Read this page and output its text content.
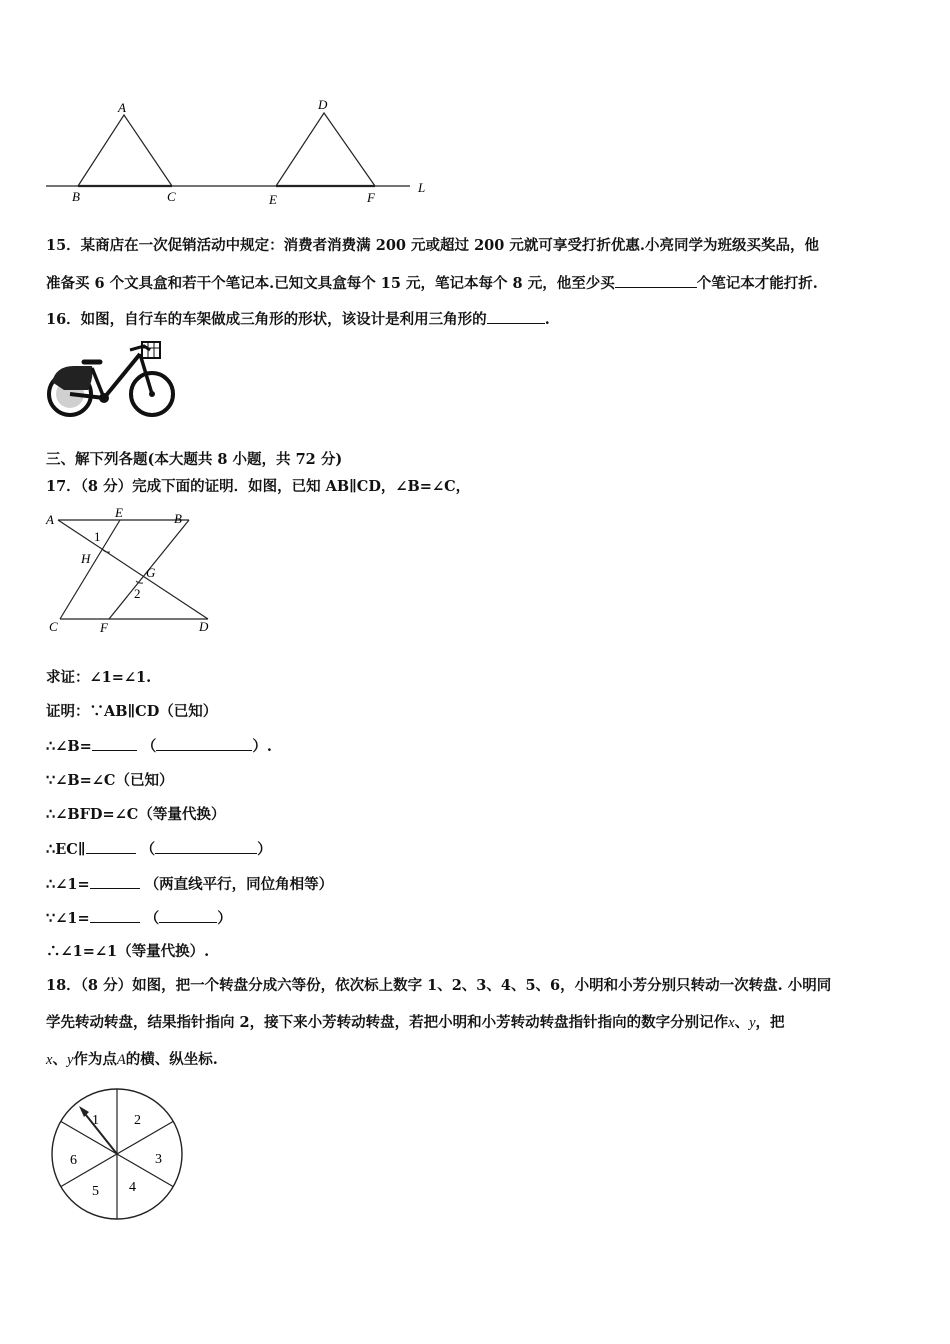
A
B	C
D
E	F
L
15．某商店在一次促销活动中规定：消费者消费满 200 元或超过 200 元就可享受打折优惠.小亮同学为班级买奖品，他
准备买 6 个文具盒和若干个笔记本.已知文具盒每个 15 元，笔记本每个 8 元，他至少买	个笔记本才能打折.
16．如图，自行车的车架做成三角形的形状，该设计是利用三角形的	.
三、解下列各题(本大题共 8 小题，共 72 分)
17．（8 分）完成下面的证明．如图，已知 AB∥CD，∠B=∠C，
A	E	B
1
H
G
2
C	F	D
求证：∠1=∠1.
证明：∵AB∥CD（已知）
∴∠B=	（	）.
∵∠B=∠C（已知）
∴∠BFD=∠C（等量代换）
∴EC∥	（	）
∴∠1=	（两直线平行，同位角相等）
∵∠1=	（	）
∴∠1=∠1（等量代换）.
18．（8 分）如图，把一个转盘分成六等份，依次标上数字 1、2、3、4、5、6，小明和小芳分别只转动一次转盘. 小明同
学先转动转盘，结果指针指向 2，接下来小芳转动转盘，若把小明和小芳转动转盘指针指向的数字分别记作x、y，把
x、y作为点A的横、纵坐标.
1	2
3
4
5
6
